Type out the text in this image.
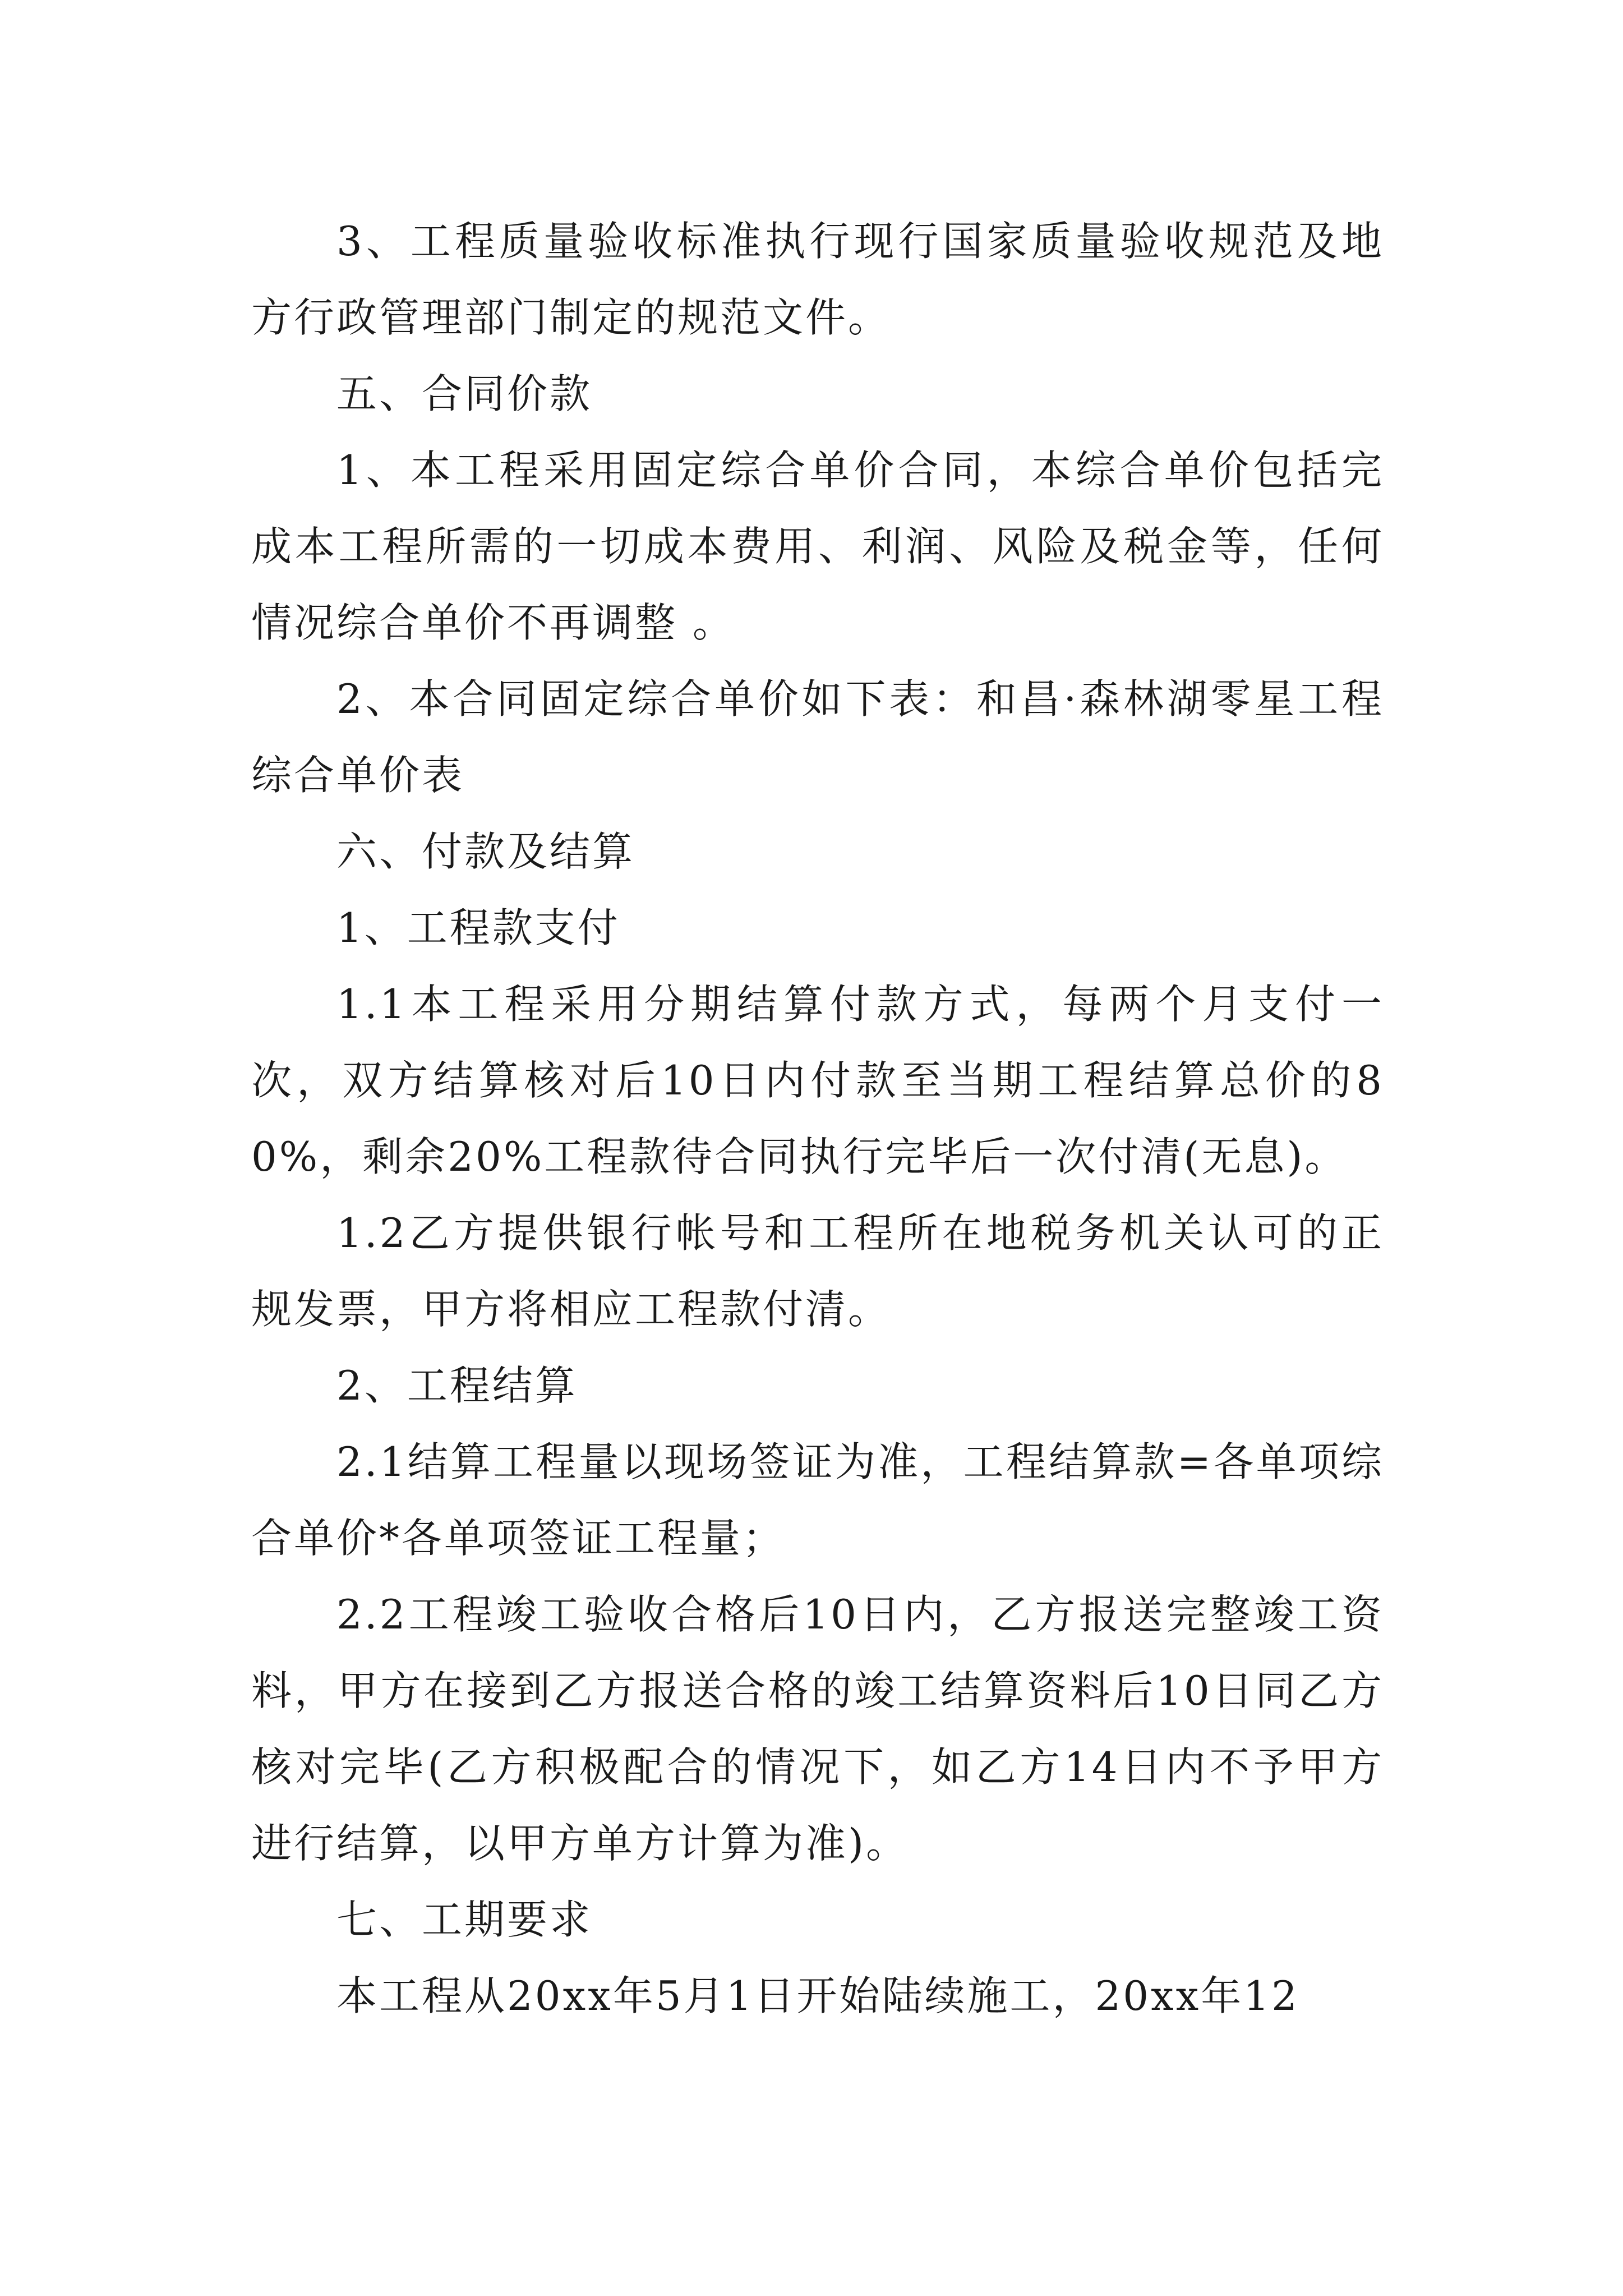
3、工程质量验收标准执行现行国家质量验收规范及地方行政管理部门制定的规范文件。

五、合同价款

1、本工程采用固定综合单价合同，本综合单价包括完成本工程所需的一切成本费用、利润、风险及税金等，任何情况综合单价不再调整 。

2、本合同固定综合单价如下表：和昌·森林湖零星工程综合单价表

六、付款及结算

1、工程款支付

1.1本工程采用分期结算付款方式，每两个月支付一次，双方结算核对后10日内付款至当期工程结算总价的80%，剩余20%工程款待合同执行完毕后一次付清(无息)。

1.2乙方提供银行帐号和工程所在地税务机关认可的正规发票，甲方将相应工程款付清。

2、工程结算

2.1结算工程量以现场签证为准，工程结算款=各单项综合单价*各单项签证工程量；

2.2工程竣工验收合格后10日内，乙方报送完整竣工资料，甲方在接到乙方报送合格的竣工结算资料后10日同乙方核对完毕(乙方积极配合的情况下，如乙方14日内不予甲方进行结算，以甲方单方计算为准)。

七、工期要求

本工程从20xx年5月1日开始陆续施工，20xx年12
